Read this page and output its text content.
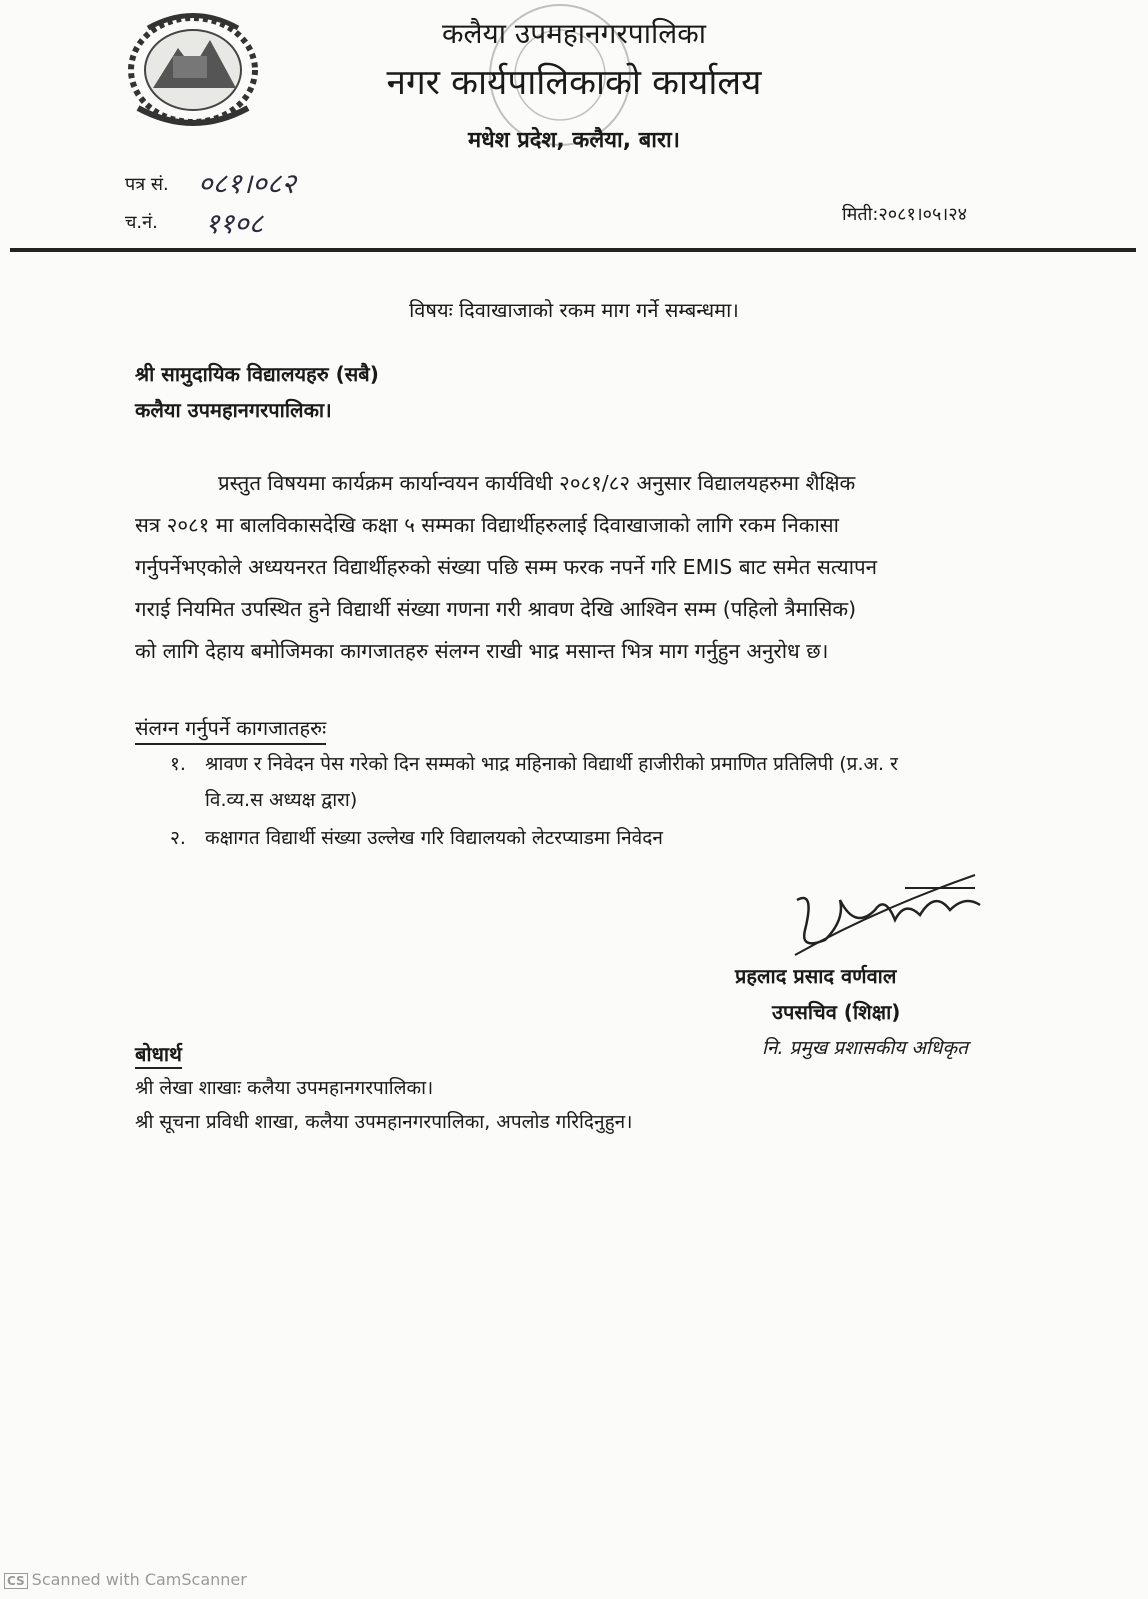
कलैया उपमहानगरपालिका
नगर कार्यपालिकाको कार्यालय
मधेश प्रदेश, कलैया, बारा।
पत्र सं. ०८१।०८२
च.नं. ११०८	मिती:२०८१।०५।२४
विषयः दिवाखाजाको रकम माग गर्ने सम्बन्धमा।
श्री सामुदायिक विद्यालयहरु (सबै)
कलैया उपमहानगरपालिका।
प्रस्तुत विषयमा कार्यक्रम कार्यान्वयन कार्यविधी २०८१/८२ अनुसार विद्यालयहरुमा शैक्षिक
सत्र २०८१ मा बालविकासदेखि कक्षा ५ सम्मका विद्यार्थीहरुलाई दिवाखाजाको लागि रकम निकासा
गर्नुपर्नेभएकोले अध्ययनरत विद्यार्थीहरुको संख्या पछि सम्म फरक नपर्ने गरि EMIS बाट समेत सत्यापन
गराई नियमित उपस्थित हुने विद्यार्थी संख्या गणना गरी श्रावण देखि आश्विन सम्म (पहिलो त्रैमासिक)
को लागि देहाय बमोजिमका कागजातहरु संलग्न राखी भाद्र मसान्त भित्र माग गर्नुहुन अनुरोध छ।
संलग्न गर्नुपर्ने कागजातहरुः
१. श्रावण र निवेदन पेस गरेको दिन सम्मको भाद्र महिनाको विद्यार्थी हाजीरीको प्रमाणित प्रतिलिपी (प्र.अ. र
वि.व्य.स अध्यक्ष द्वारा)
२. कक्षागत विद्यार्थी संख्या उल्लेख गरि विद्यालयको लेटरप्याडमा निवेदन
प्रहलाद प्रसाद वर्णवाल
उपसचिव (शिक्षा)
नि. प्रमुख प्रशासकीय अधिकृत
बोधार्थ
श्री लेखा शाखाः कलैया उपमहानगरपालिका।
श्री सूचना प्रविधी शाखा, कलैया उपमहानगरपालिका, अपलोड गरिदिनुहुन।
CS Scanned with CamScanner
